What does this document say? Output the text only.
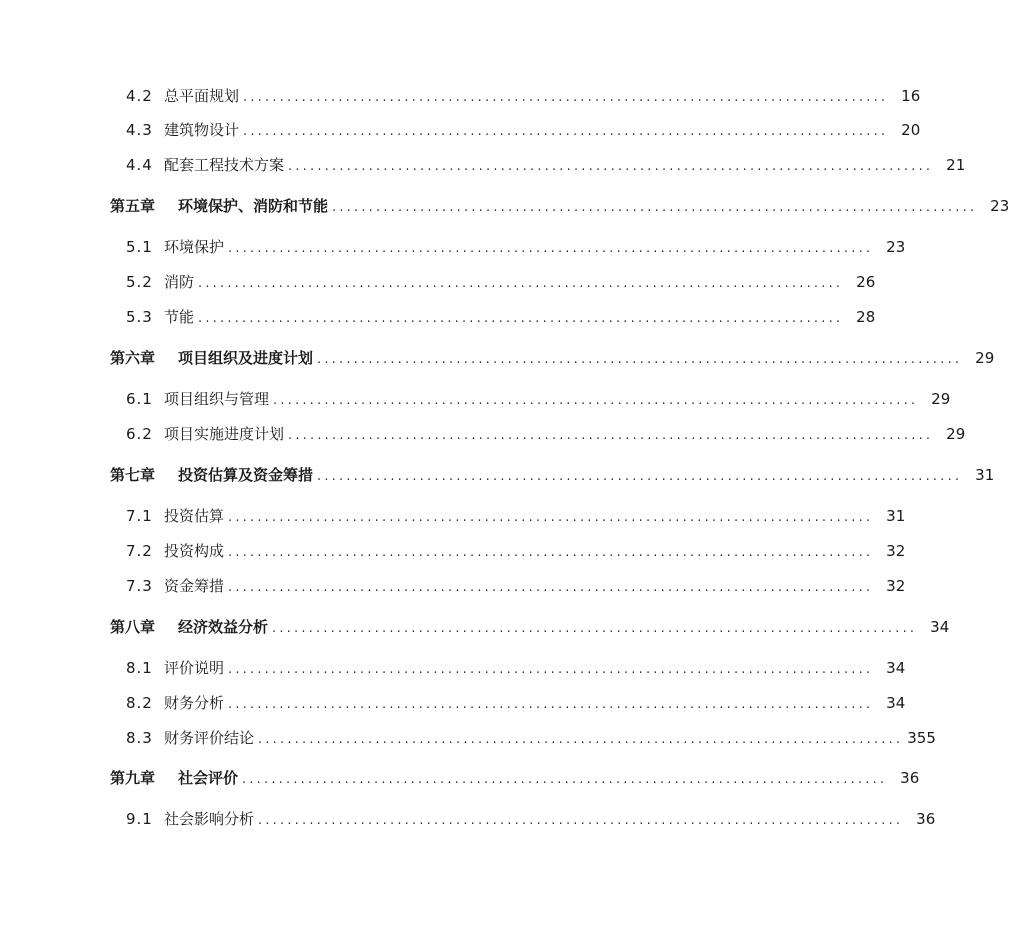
4.2 总平面规划 ........................................................................................ 16
4.3 建筑物设计 ........................................................................................ 20
4.4 配套工程技术方案 ........................................................................................ 21
第五章	环境保护、消防和节能 ........................................................................................ 23
5.1 环境保护 ........................................................................................ 23
5.2 消防 ........................................................................................ 26
5.3 节能 ........................................................................................ 28
第六章	项目组织及进度计划 ........................................................................................ 29
6.1 项目组织与管理 ........................................................................................ 29
6.2 项目实施进度计划 ........................................................................................ 29
第七章	投资估算及资金筹措 ........................................................................................ 31
7.1 投资估算 ........................................................................................ 31
7.2 投资构成 ........................................................................................ 32
7.3 资金筹措 ........................................................................................ 32
第八章	经济效益分析 ........................................................................................ 34
8.1 评价说明 ........................................................................................ 34
8.2 财务分析 ........................................................................................ 34
8.3 财务评价结论 ........................................................................................ 355
第九章	社会评价 ........................................................................................ 36
9.1 社会影响分析 ........................................................................................ 36
